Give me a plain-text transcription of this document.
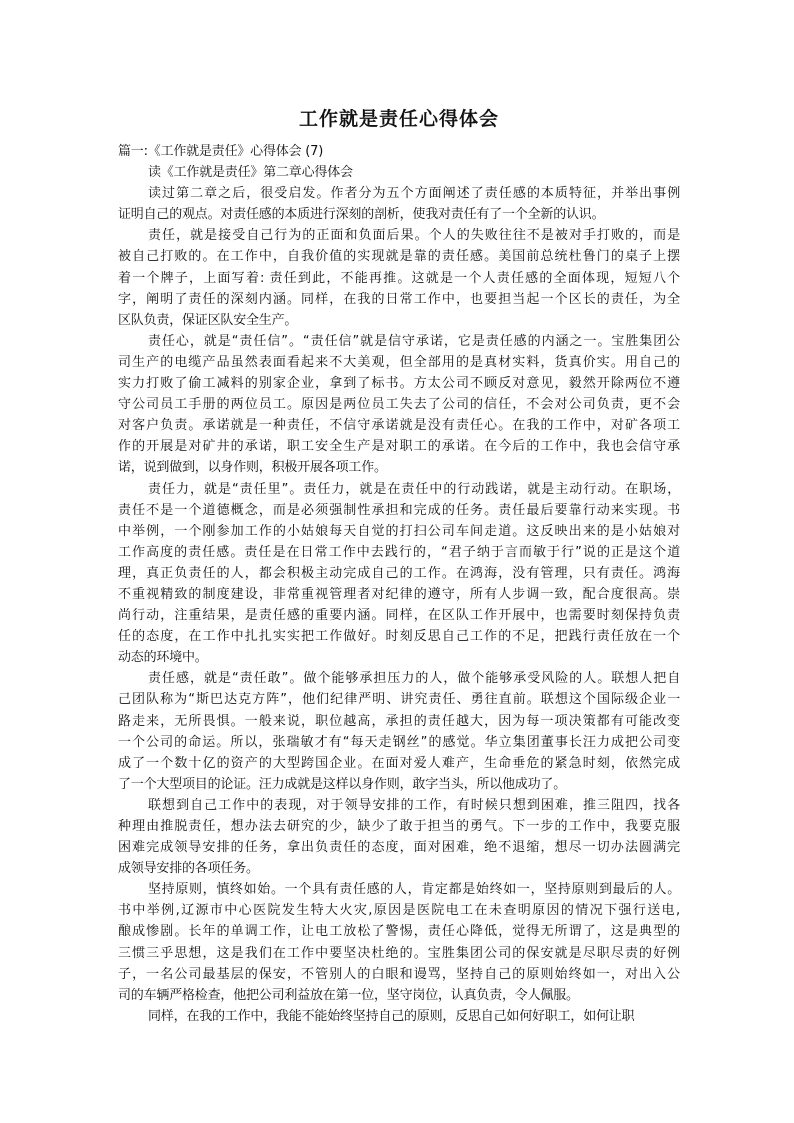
工作就是责任心得体会
篇一:《工作就是责任》心得体会 (7)
读《工作就是责任》第二章心得体会
读过第二章之后，很受启发。作者分为五个方面阐述了责任感的本质特征，并举出事例
证明自己的观点。对责任感的本质进行深刻的剖析，使我对责任有了一个全新的认识。
责任，就是接受自己行为的正面和负面后果。个人的失败往往不是被对手打败的，而是
被自己打败的。在工作中，自我价值的实现就是靠的责任感。美国前总统杜鲁门的桌子上摆
着一个牌子，上面写着: 责任到此，不能再推。这就是一个人责任感的全面体现，短短八个
字，阐明了责任的深刻内涵。同样，在我的日常工作中，也要担当起一个区长的责任，为全
区队负责，保证区队安全生产。
责任心，就是“责任信”。“责任信”就是信守承诺，它是责任感的内涵之一。宝胜集团公
司生产的电缆产品虽然表面看起来不大美观，但全部用的是真材实料，货真价实。用自己的
实力打败了偷工减料的别家企业，拿到了标书。方太公司不顾反对意见，毅然开除两位不遵
守公司员工手册的两位员工。原因是两位员工失去了公司的信任，不会对公司负责，更不会
对客户负责。承诺就是一种责任，不信守承诺就是没有责任心。在我的工作中，对矿各项工
作的开展是对矿井的承诺，职工安全生产是对职工的承诺。在今后的工作中，我也会信守承
诺，说到做到，以身作则，积极开展各项工作。
责任力，就是“责任里”。责任力，就是在责任中的行动践诺，就是主动行动。在职场，
责任不是一个道德概念，而是必须强制性承担和完成的任务。责任最后要靠行动来实现。书
中举例，一个刚参加工作的小姑娘每天自觉的打扫公司车间走道。这反映出来的是小姑娘对
工作高度的责任感。责任是在日常工作中去践行的，“君子纳于言而敏于行”说的正是这个道
理，真正负责任的人，都会积极主动完成自己的工作。在鸿海，没有管理，只有责任。鸿海
不重视精致的制度建设，非常重视管理者对纪律的遵守，所有人步调一致，配合度很高。崇
尚行动，注重结果，是责任感的重要内涵。同样，在区队工作开展中，也需要时刻保持负责
任的态度，在工作中扎扎实实把工作做好。时刻反思自己工作的不足，把践行责任放在一个
动态的环境中。
责任感，就是“责任敢”。做个能够承担压力的人，做个能够承受风险的人。联想人把自
己团队称为“斯巴达克方阵”，他们纪律严明、讲究责任、勇往直前。联想这个国际级企业一
路走来，无所畏惧。一般来说，职位越高，承担的责任越大，因为每一项决策都有可能改变
一个公司的命运。所以，张瑞敏才有“每天走钢丝”的感觉。华立集团董事长汪力成把公司变
成了一个数十亿的资产的大型跨国企业。在面对爱人难产，生命垂危的紧急时刻，依然完成
了一个大型项目的论证。汪力成就是这样以身作则，敢字当头，所以他成功了。
联想到自己工作中的表现，对于领导安排的工作，有时候只想到困难，推三阻四，找各
种理由推脱责任，想办法去研究的少，缺少了敢于担当的勇气。下一步的工作中，我要克服
困难完成领导安排的任务，拿出负责任的态度，面对困难，绝不退缩，想尽一切办法圆满完
成领导安排的各项任务。
坚持原则，慎终如始。一个具有责任感的人，肯定都是始终如一，坚持原则到最后的人。
书中举例,辽源市中心医院发生特大火灾,原因是医院电工在未查明原因的情况下强行送电,
酿成惨剧。长年的单调工作，让电工放松了警惕，责任心降低，觉得无所谓了，这是典型的
三惯三乎思想，这是我们在工作中要坚决杜绝的。宝胜集团公司的保安就是尽职尽责的好例
子，一名公司最基层的保安，不管别人的白眼和谩骂，坚持自己的原则始终如一，对出入公
司的车辆严格检查，他把公司利益放在第一位，坚守岗位，认真负责，令人佩服。
同样，在我的工作中，我能不能始终坚持自己的原则，反思自己如何好职工，如何让职
